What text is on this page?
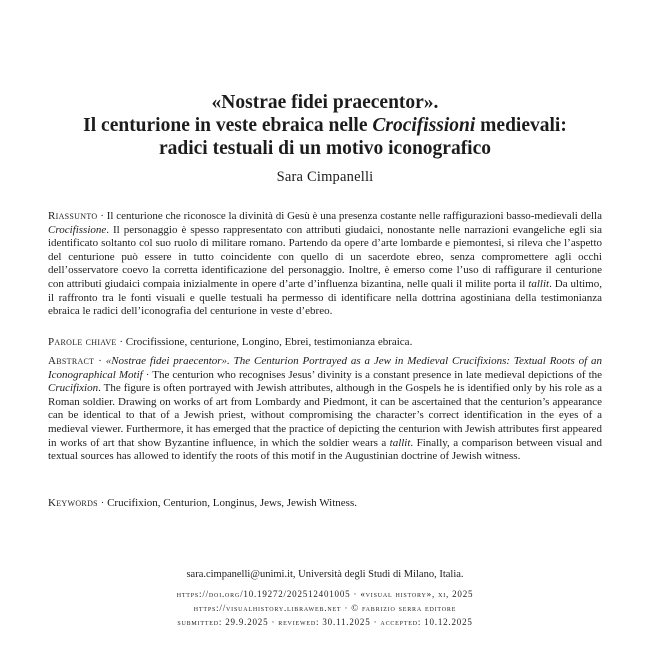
«Nostrae fidei praecentor».

Il centurione in veste ebraica nelle Crocifissioni medievali:

radici testuali di un motivo iconografico

Sara Cimpanelli
Riassunto · Il centurione che riconosce la divinità di Gesù è una presenza costante nelle raffigurazioni basso-medievali della Crocifissione. Il personaggio è spesso rappresentato con attributi giudaici, nonostante nelle narrazioni evangeliche egli sia identificato soltanto col suo ruolo di militare romano. Partendo da opere d’arte lombarde e piemontesi, si rileva che l’aspetto del centurione può essere in tutto coincidente con quello di un sacerdote ebreo, senza compromettere agli occhi dell’osservatore coevo la corretta identificazione del personaggio. Inoltre, è emerso come l’uso di raffigurare il centurione con attributi giudaici compaia inizialmente in opere d’arte d’influenza bizantina, nelle quali il milite porta il tallit. Da ultimo, il raffronto tra le fonti visuali e quelle testuali ha permesso di identificare nella dottrina agostiniana della testimonianza ebraica le radici dell’iconografia del centurione in veste d’ebreo.
Parole chiave · Crocifissione, centurione, Longino, Ebrei, testimonianza ebraica.
Abstract · «Nostrae fidei praecentor». The Centurion Portrayed as a Jew in Medieval Crucifixions: Textual Roots of an Iconographical Motif · The centurion who recognises Jesus’ divinity is a constant presence in late medieval depictions of the Crucifixion. The figure is often portrayed with Jewish attributes, although in the Gospels he is identified only by his role as a Roman soldier. Drawing on works of art from Lombardy and Piedmont, it can be ascertained that the centurion’s appearance can be identical to that of a Jewish priest, without compromising the character’s correct identification in the eyes of a medieval viewer. Furthermore, it has emerged that the practice of depicting the centurion with Jewish attributes first appeared in works of art that show Byzantine influence, in which the soldier wears a tallit. Finally, a comparison between visual and textual sources has allowed to identify the roots of this motif in the Augustinian doctrine of Jewish witness.
Keywords · Crucifixion, Centurion, Longinus, Jews, Jewish Witness.
sara.cimpanelli@unimi.it, Università degli Studi di Milano, Italia.
https://doi.org/10.19272/202512401005 · «visual history», xi, 2025
https://visualhistory.libraweb.net · © fabrizio serra editore
submitted: 29.9.2025 · reviewed: 30.11.2025 · accepted: 10.12.2025
